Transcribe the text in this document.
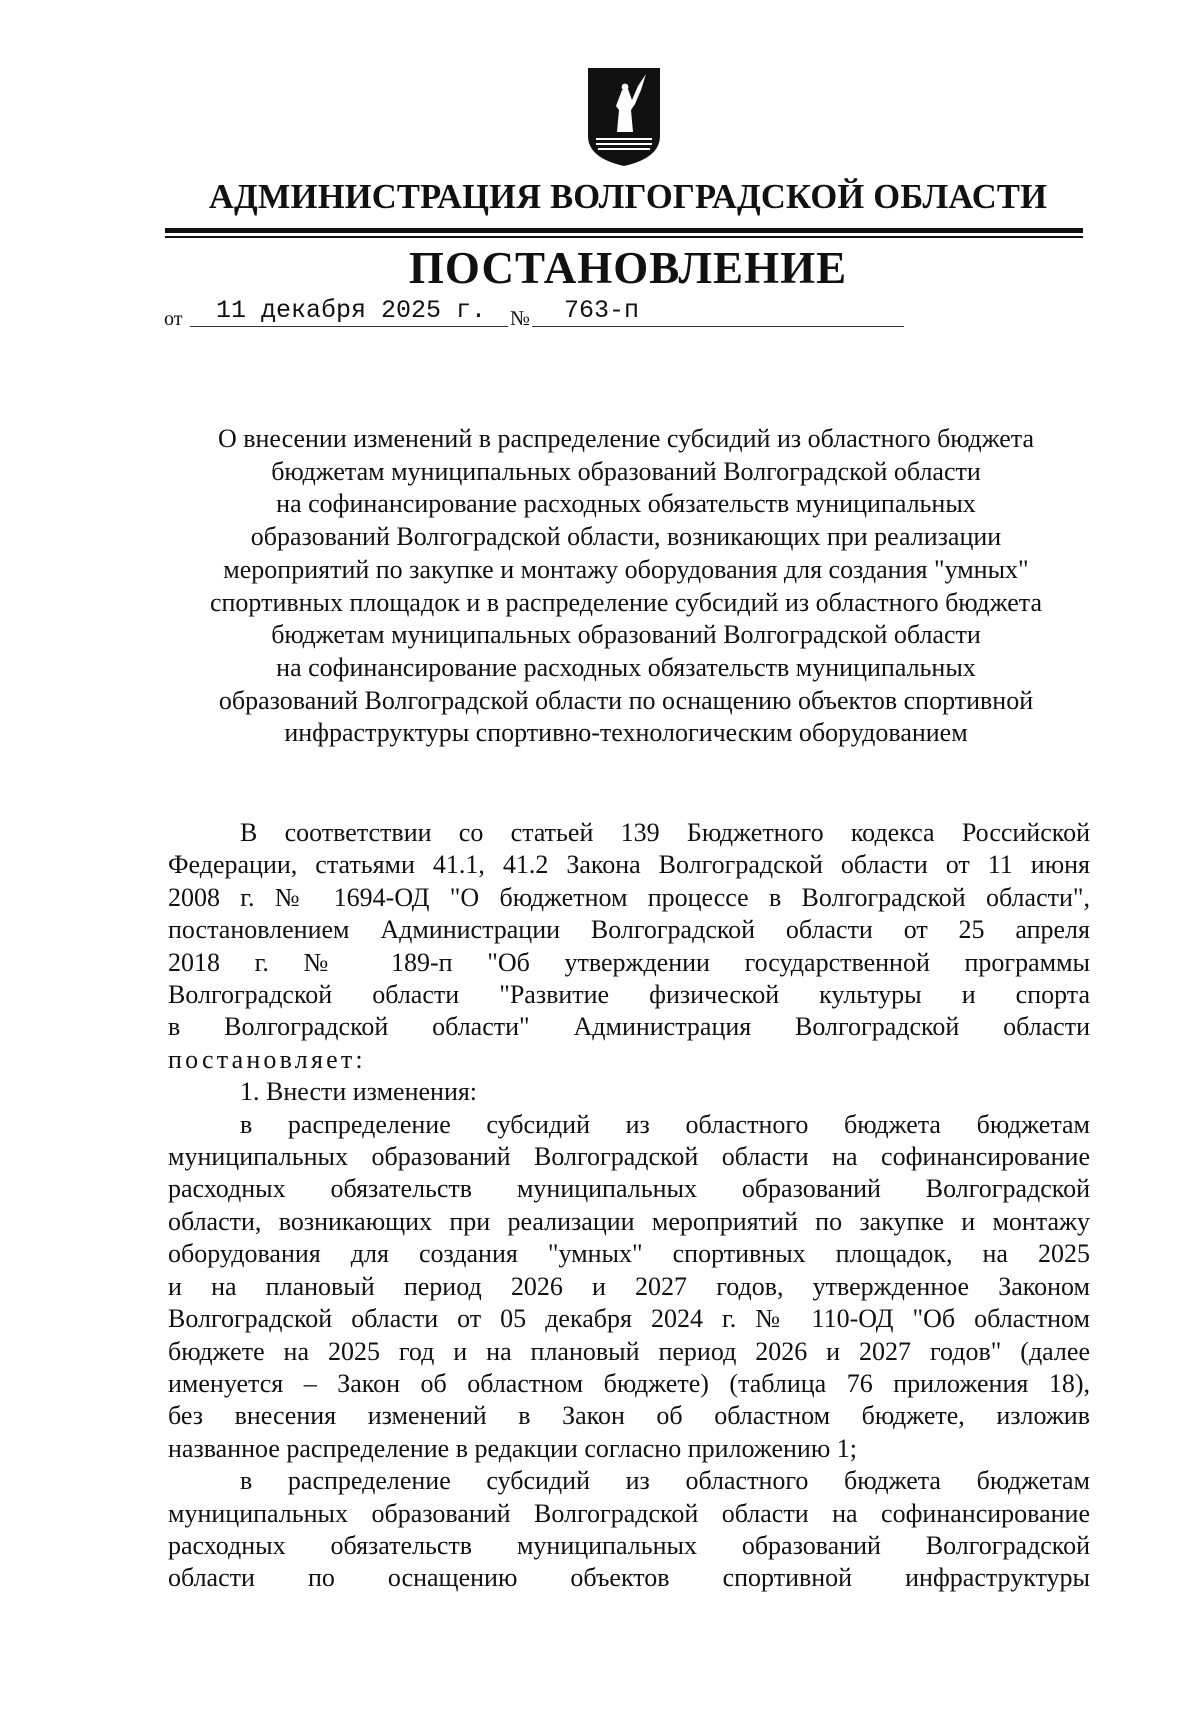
АДМИНИСТРАЦИЯ ВОЛГОГРАДСКОЙ ОБЛАСТИ
ПОСТАНОВЛЕНИЕ
от 11 декабря 2025 г.	763-п
№
О внесении изменений в распределение субсидий из областного бюджета
бюджетам муниципальных образований Волгоградской области
на софинансирование расходных обязательств муниципальных
образований Волгоградской области, возникающих при реализации
мероприятий по закупке и монтажу оборудования для создания "умных"
спортивных площадок и в распределение субсидий из областного бюджета
бюджетам муниципальных образований Волгоградской области
на софинансирование расходных обязательств муниципальных
образований Волгоградской области по оснащению объектов спортивной
инфраструктуры спортивно-технологическим оборудованием

В соответствии со статьей 139 Бюджетного кодекса Российской

Федерации, статьями 41.1, 41.2 Закона Волгоградской области от 11 июня

2008 г. № 1694-ОД "О бюджетном процессе в Волгоградской области",

постановлением Администрации Волгоградской области от 25 апреля

2018 г. № 189-п "Об утверждении государственной программы

Волгоградской области "Развитие физической культуры и спорта

в Волгоградской области" Администрация Волгоградской области

постановляет:

1. Внести изменения:

в распределение субсидий из областного бюджета бюджетам

муниципальных образований Волгоградской области на софинансирование

расходных обязательств муниципальных образований Волгоградской

области, возникающих при реализации мероприятий по закупке и монтажу

оборудования для создания "умных" спортивных площадок, на 2025

и на плановый период 2026 и 2027 годов, утвержденное Законом

Волгоградской области от 05 декабря 2024 г. № 110-ОД "Об областном

бюджете на 2025 год и на плановый период 2026 и 2027 годов" (далее

именуется – Закон об областном бюджете) (таблица 76 приложения 18),

без внесения изменений в Закон об областном бюджете, изложив

названное распределение в редакции согласно приложению 1;

в распределение субсидий из областного бюджета бюджетам

муниципальных образований Волгоградской области на софинансирование

расходных обязательств муниципальных образований Волгоградской

области по оснащению объектов спортивной инфраструктуры
